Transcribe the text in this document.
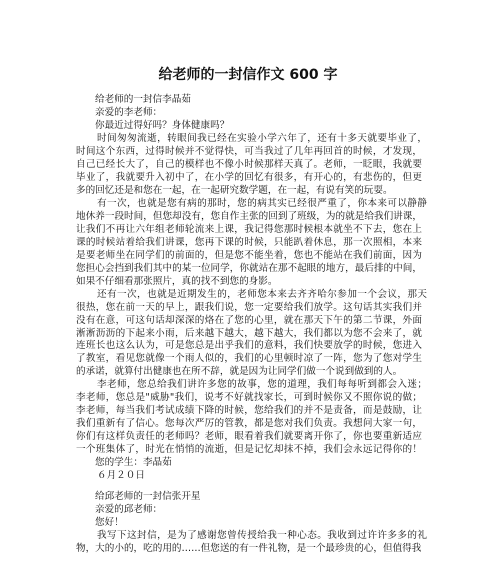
给老师的一封信作文 600 字
给老师的一封信李晶茹
亲爱的李老师：
你最近过得好吗？身体健康吗？
时间匆匆流逝，转眼间我已经在实验小学六年了，还有十多天就要毕业了，
时间这个东西，过得时候并不觉得快，可当我过了几年再回首的时候，才发现，
自己已经长大了，自己的模样也不像小时候那样天真了。老师，一眨眼，我就要
毕业了，我就要升入初中了，在小学的回忆有很多，有开心的，有悲伤的，但更
多的回忆还是和您在一起，在一起研究数学题，在一起，有说有笑的玩耍。
有一次，也就是您有病的那时，您的病其实已经很严重了，你本来可以静静
地休养一段时间，但您却没有，您自作主张的回到了班级，为的就是给我们讲课，
让我们不再让六年组老师轮流来上课，我记得您那时候根本就坐不下去，您在上
课的时候站着给我们讲课，您再下课的时候，只能趴着休息，那一次照相，本来
是要老师坐在同学们的前面的，但是您不能坐着，您也不能站在我们前面，因为
您担心会挡到我们其中的某一位同学，你就站在那不起眼的地方，最后排的中间，
如果不仔细看那张照片，真的找不到您的身影。
还有一次，也就是近期发生的，老师您本来去齐齐哈尔参加一个会议，那天
很热，您在前一天的早上，跟我们说，您一定要给我们放学。这句话其实我们并
没有在意，可这句话却深深的烙在了您的心里，就在那天下午的第二节课，外面
淅淅沥沥的下起来小雨，后来越下越大，越下越大，我们都以为您不会来了，就
连班长也这么认为，可是您总是出乎我们的意料，我们快要放学的时候，您进入
了教室，看见您就像一个雨人似的，我们的心里顿时凉了一阵，您为了您对学生
的承诺，就算付出健康也在所不辞，就是因为让同学们做一个说到做到的人。
李老师，您总给我们讲许多您的故事，您的道理，我们每每听到都会入迷；
李老师，您总是"威胁"我们，说考不好就找家长，可到时候你又不照你说的做；
李老师，每当我们考试成绩下降的时候，您给我们的并不是责备，而是鼓励，让
我们重新有了信心。您每次严厉的管教，都是您对我们负责。我想问大家一句，
你们有这样负责任的老师吗？老师，眼看着我们就要离开你了，你也要重新适应
一个班集体了，时光在悄悄的流逝，但是记忆却抹不掉，我们会永远记得你的！
您的学生：李晶茹
６月２０日
给邱老师的一封信张开星
亲爱的邱老师：
您好！
我写下这封信，是为了感谢您曾传授给我一种心态。我收到过许许多多的礼
物，大的小的，吃的用的……但您送的有一件礼物，是一个最珍贵的心，但值得我
